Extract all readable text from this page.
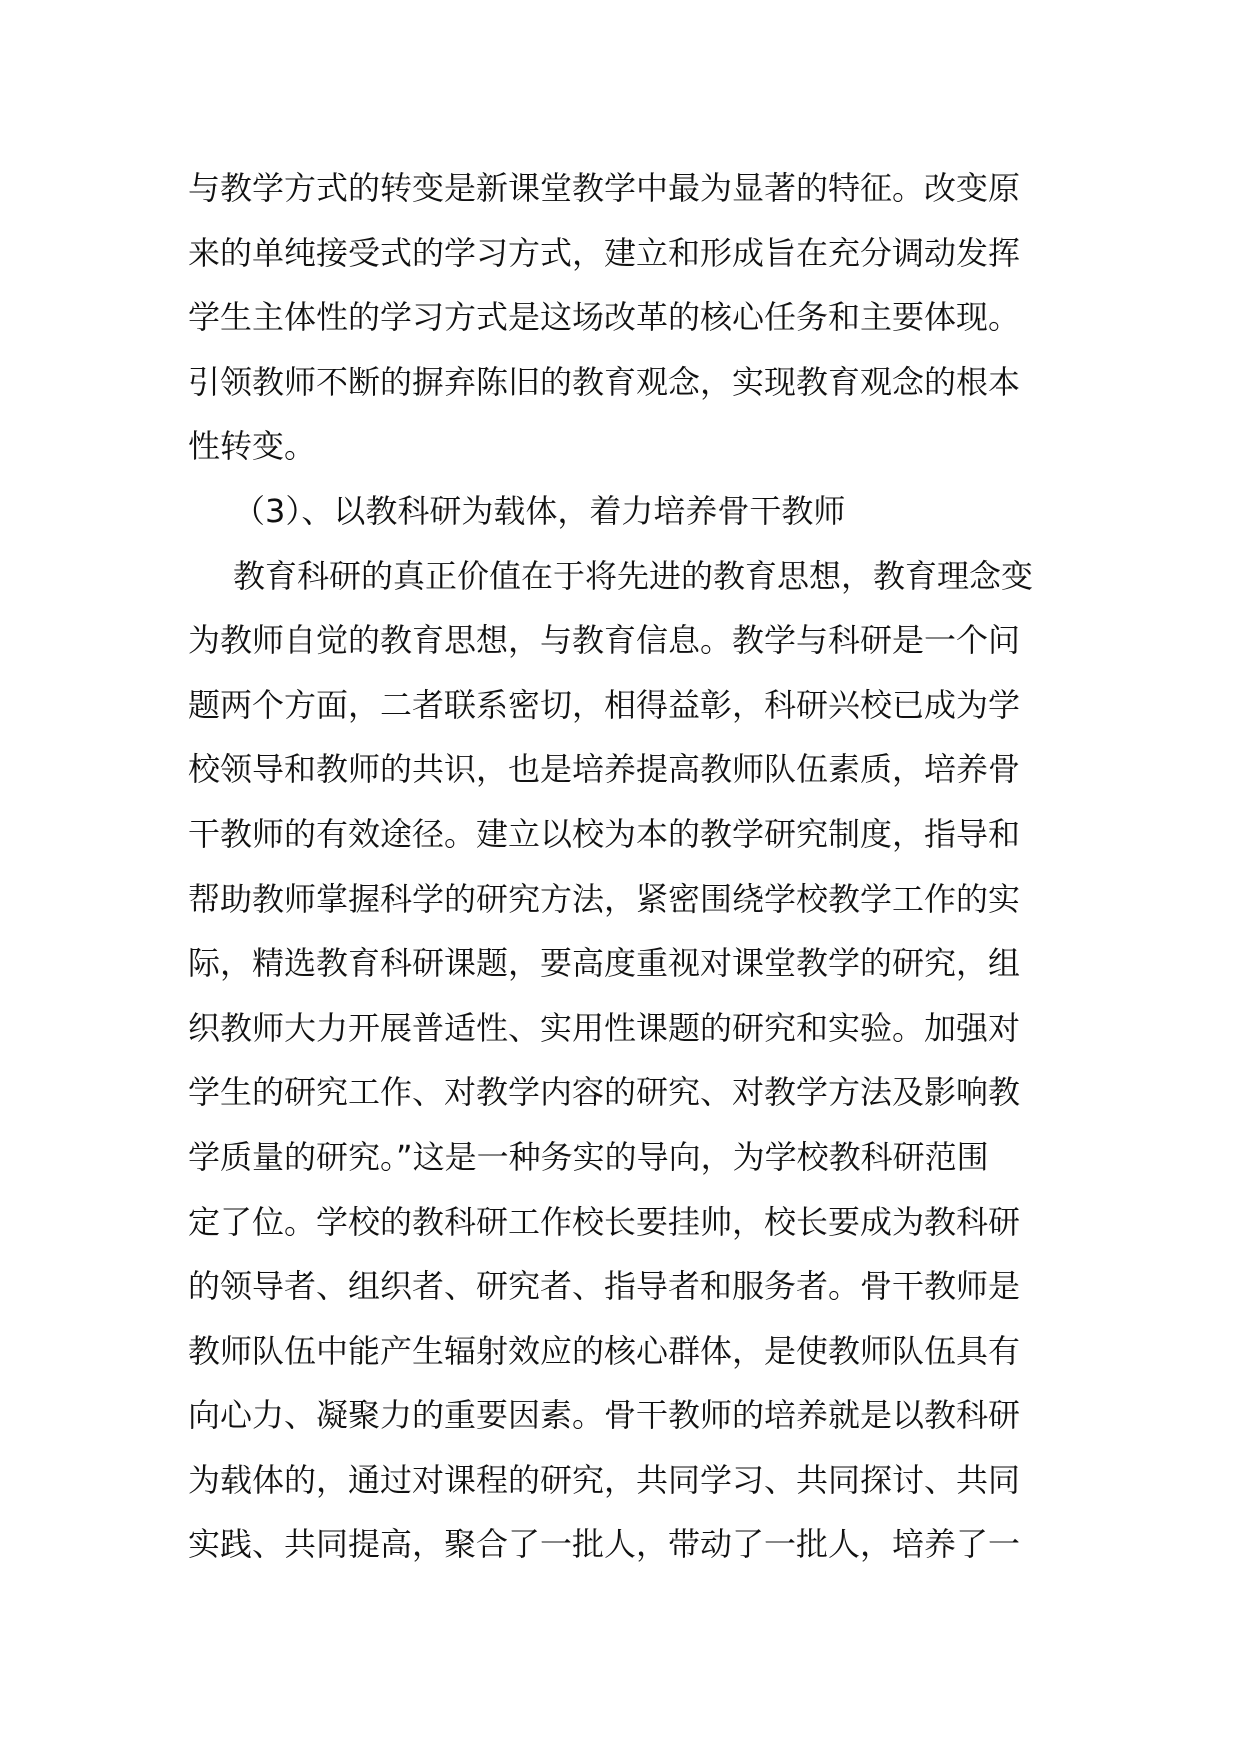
与教学方式的转变是新课堂教学中最为显著的特征。改变原
来的单纯接受式的学习方式，建立和形成旨在充分调动发挥
学生主体性的学习方式是这场改革的核心任务和主要体现。
引领教师不断的摒弃陈旧的教育观念，实现教育观念的根本
性转变。
（3）、以教科研为载体，着力培养骨干教师
教育科研的真正价值在于将先进的教育思想，教育理念变
为教师自觉的教育思想，与教育信息。教学与科研是一个问
题两个方面，二者联系密切，相得益彰，科研兴校已成为学
校领导和教师的共识，也是培养提高教师队伍素质，培养骨
干教师的有效途径。建立以校为本的教学研究制度，指导和
帮助教师掌握科学的研究方法，紧密围绕学校教学工作的实
际，精选教育科研课题，要高度重视对课堂教学的研究，组
织教师大力开展普适性、实用性课题的研究和实验。加强对
学生的研究工作、对教学内容的研究、对教学方法及影响教
学质量的研究。”这是一种务实的导向，为学校教科研范围
定了位。学校的教科研工作校长要挂帅，校长要成为教科研
的领导者、组织者、研究者、指导者和服务者。骨干教师是
教师队伍中能产生辐射效应的核心群体，是使教师队伍具有
向心力、凝聚力的重要因素。骨干教师的培养就是以教科研
为载体的，通过对课程的研究，共同学习、共同探讨、共同
实践、共同提高，聚合了一批人，带动了一批人，培养了一
